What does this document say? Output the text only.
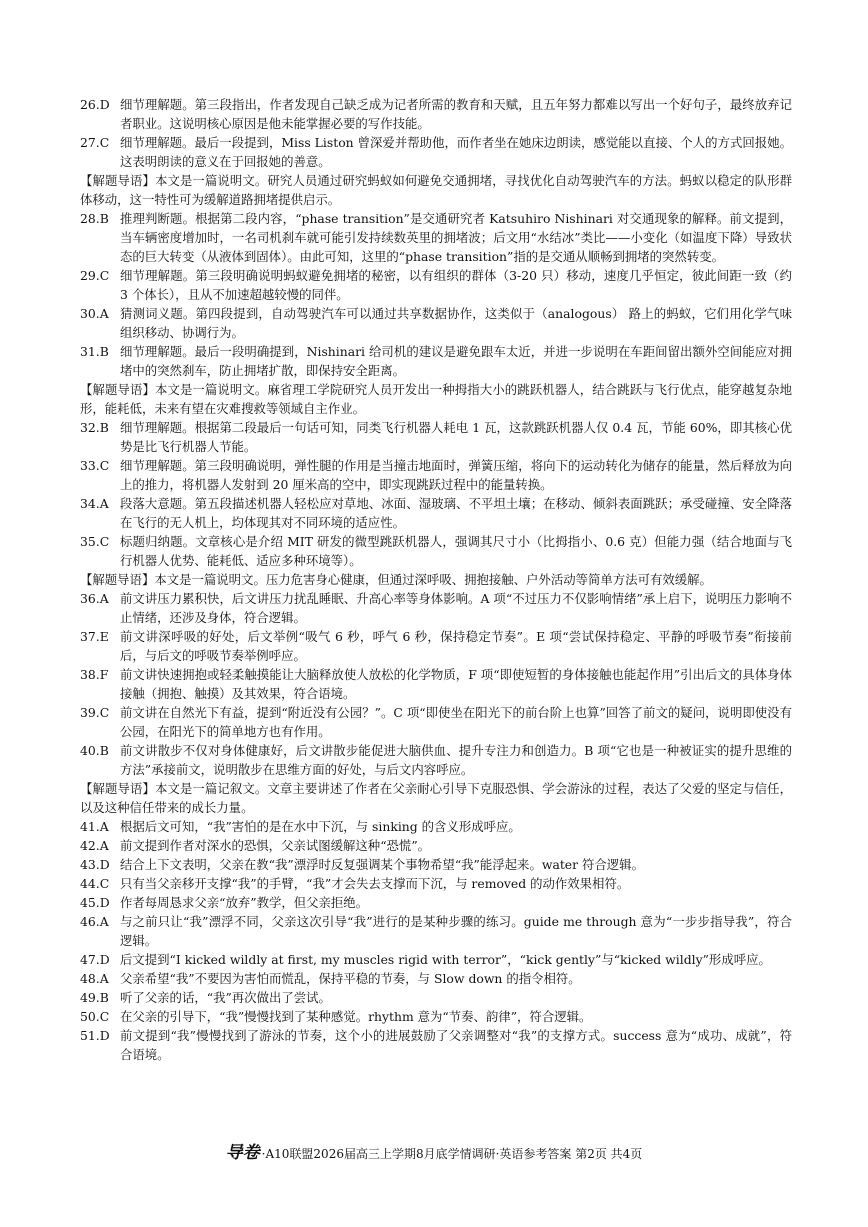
26.D 细节理解题。第三段指出，作者发现自己缺乏成为记者所需的教育和天赋，且五年努力都难以写出一个好句子，最终放弃记者职业。这说明核心原因是他未能掌握必要的写作技能。
27.C 细节理解题。最后一段提到，Miss Liston 曾深爱并帮助他，而作者坐在她床边朗读，感觉能以直接、个人的方式回报她。这表明朗读的意义在于回报她的善意。
【解题导语】本文是一篇说明文。研究人员通过研究蚂蚁如何避免交通拥堵，寻找优化自动驾驶汽车的方法。蚂蚁以稳定的队形群体移动，这一特性可为缓解道路拥堵提供启示。
28.B 推理判断题。根据第二段内容，“phase transition”是交通研究者 Katsuhiro Nishinari 对交通现象的解释。前文提到，当车辆密度增加时，一名司机刹车就可能引发持续数英里的拥堵波；后文用“水结冰”类比——小变化（如温度下降）导致状态的巨大转变（从液体到固体）。由此可知，这里的“phase transition”指的是交通从顺畅到拥堵的突然转变。
29.C 细节理解题。第三段明确说明蚂蚁避免拥堵的秘密，以有组织的群体（3-20 只）移动，速度几乎恒定，彼此间距一致（约 3 个体长），且从不加速超越较慢的同伴。
30.A 猜测词义题。第四段提到，自动驾驶汽车可以通过共享数据协作，这类似于（analogous） 路上的蚂蚁，它们用化学气味组织移动、协调行为。
31.B 细节理解题。最后一段明确提到，Nishinari 给司机的建议是避免跟车太近，并进一步说明在车距间留出额外空间能应对拥堵中的突然刹车，防止拥堵扩散，即保持安全距离。
【解题导语】本文是一篇说明文。麻省理工学院研究人员开发出一种拇指大小的跳跃机器人，结合跳跃与飞行优点，能穿越复杂地形，能耗低，未来有望在灾难搜救等领域自主作业。
32.B 细节理解题。根据第二段最后一句话可知，同类飞行机器人耗电 1 瓦，这款跳跃机器人仅 0.4 瓦，节能 60%，即其核心优势是比飞行机器人节能。
33.C 细节理解题。第三段明确说明，弹性腿的作用是当撞击地面时，弹簧压缩，将向下的运动转化为储存的能量，然后释放为向上的推力，将机器人发射到 20 厘米高的空中，即实现跳跃过程中的能量转换。
34.A 段落大意题。第五段描述机器人轻松应对草地、冰面、湿玻璃、不平坦土壤；在移动、倾斜表面跳跃；承受碰撞、安全降落在飞行的无人机上，均体现其对不同环境的适应性。
35.C 标题归纳题。文章核心是介绍 MIT 研发的微型跳跃机器人，强调其尺寸小（比拇指小、0.6 克）但能力强（结合地面与飞行机器人优势、能耗低、适应多种环境等）。
【解题导语】本文是一篇说明文。压力危害身心健康，但通过深呼吸、拥抱接触、户外活动等简单方法可有效缓解。
36.A 前文讲压力累积快，后文讲压力扰乱睡眠、升高心率等身体影响。A 项“不过压力不仅影响情绪”承上启下，说明压力影响不止情绪，还涉及身体，符合逻辑。
37.E 前文讲深呼吸的好处，后文举例“吸气 6 秒，呼气 6 秒，保持稳定节奏”。E 项“尝试保持稳定、平静的呼吸节奏”衔接前后，与后文的呼吸节奏举例呼应。
38.F 前文讲快速拥抱或轻柔触摸能让大脑释放使人放松的化学物质，F 项“即使短暂的身体接触也能起作用”引出后文的具体身体接触（拥抱、触摸）及其效果，符合语境。
39.C 前文讲在自然光下有益，提到“附近没有公园？”。C 项“即使坐在阳光下的前台阶上也算”回答了前文的疑问，说明即使没有公园，在阳光下的简单地方也有作用。
40.B 前文讲散步不仅对身体健康好，后文讲散步能促进大脑供血、提升专注力和创造力。B 项“它也是一种被证实的提升思维的方法”承接前文，说明散步在思维方面的好处，与后文内容呼应。
【解题导语】本文是一篇记叙文。文章主要讲述了作者在父亲耐心引导下克服恐惧、学会游泳的过程，表达了父爱的坚定与信任，以及这种信任带来的成长力量。
41.A 根据后文可知，“我”害怕的是在水中下沉，与 sinking 的含义形成呼应。
42.A 前文提到作者对深水的恐惧，父亲试图缓解这种“恐慌”。
43.D 结合上下文表明，父亲在教“我”漂浮时反复强调某个事物希望“我”能浮起来。water 符合逻辑。
44.C 只有当父亲移开支撑“我”的手臂，“我”才会失去支撑而下沉，与 removed 的动作效果相符。
45.D 作者每周恳求父亲“放弃”教学，但父亲拒绝。
46.A 与之前只让“我”漂浮不同，父亲这次引导“我”进行的是某种步骤的练习。guide me through 意为“一步步指导我”，符合逻辑。
47.D 后文提到“I kicked wildly at first, my muscles rigid with terror”，“kick gently”与“kicked wildly”形成呼应。
48.A 父亲希望“我”不要因为害怕而慌乱，保持平稳的节奏，与 Slow down 的指令相符。
49.B 听了父亲的话，“我”再次做出了尝试。
50.C 在父亲的引导下，“我”慢慢找到了某种感觉。rhythm 意为“节奏、韵律”，符合逻辑。
51.D 前文提到“我”慢慢找到了游泳的节奏，这个小的进展鼓励了父亲调整对“我”的支撑方式。success 意为“成功、成就”，符合语境。
导卷 ·A10联盟2026届高三上学期8月底学情调研·英语参考答案 第2页 共4页
